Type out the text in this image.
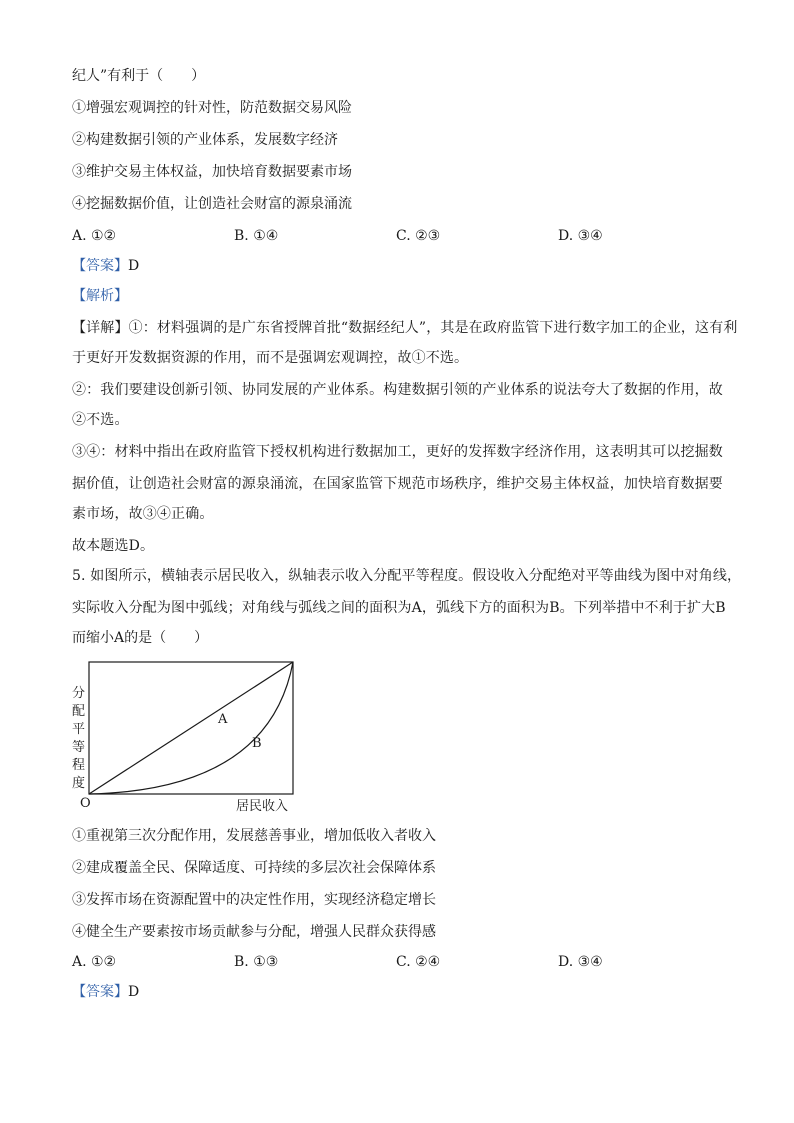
纪人”有利于（　　）
①增强宏观调控的针对性，防范数据交易风险
②构建数据引领的产业体系，发展数字经济
③维护交易主体权益，加快培育数据要素市场
④挖掘数据价值，让创造社会财富的源泉涌流
A. ①②	B. ①④	C. ②③	D. ③④
【答案】D
【解析】
【详解】①：材料强调的是广东省授牌首批“数据经纪人”，其是在政府监管下进行数字加工的企业，这有利
于更好开发数据资源的作用，而不是强调宏观调控，故①不选。
②：我们要建设创新引领、协同发展的产业体系。构建数据引领的产业体系的说法夸大了数据的作用，故
②不选。
③④：材料中指出在政府监管下授权机构进行数据加工，更好的发挥数字经济作用，这表明其可以挖掘数
据价值，让创造社会财富的源泉涌流，在国家监管下规范市场秩序，维护交易主体权益，加快培育数据要
素市场，故③④正确。
故本题选D。
5. 如图所示，横轴表示居民收入，纵轴表示收入分配平等程度。假设收入分配绝对平等曲线为图中对角线，
实际收入分配为图中弧线；对角线与弧线之间的面积为A，弧线下方的面积为B。下列举措中不利于扩大B
而缩小A的是（　　）
分
配
平
等
程
度
A
B
O	居民收入
①重视第三次分配作用，发展慈善事业，增加低收入者收入
②建成覆盖全民、保障适度、可持续的多层次社会保障体系
③发挥市场在资源配置中的决定性作用，实现经济稳定增长
④健全生产要素按市场贡献参与分配，增强人民群众获得感
A. ①②	B. ①③	C. ②④	D. ③④
【答案】D
